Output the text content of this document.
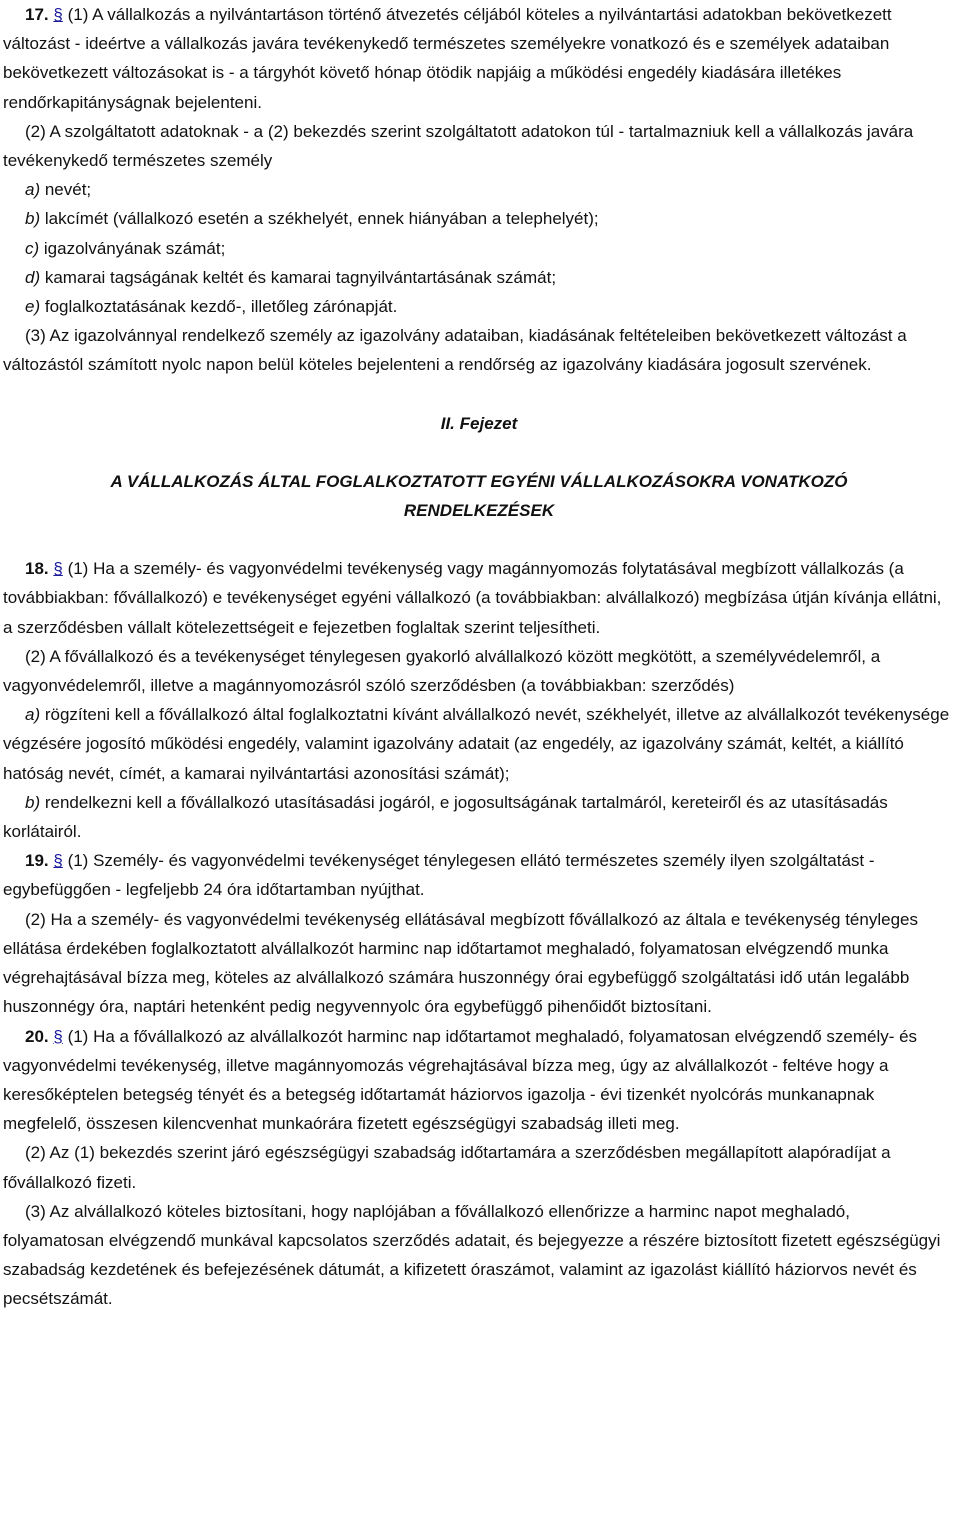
17. § (1) A vállalkozás a nyilvántartáson történő átvezetés céljából köteles a nyilvántartási adatokban bekövetkezett változást - ideértve a vállalkozás javára tevékenykedő természetes személyekre vonatkozó és e személyek adataiban bekövetkezett változásokat is - a tárgyhót követő hónap ötödik napjáig a működési engedély kiadására illetékes rendőrkapitányságnak bejelenteni.

(2) A szolgáltatott adatoknak - a (2) bekezdés szerint szolgáltatott adatokon túl - tartalmazniuk kell a vállalkozás javára tevékenykedő természetes személy

a) nevét;

b) lakcímét (vállalkozó esetén a székhelyét, ennek hiányában a telephelyét);

c) igazolványának számát;

d) kamarai tagságának keltét és kamarai tagnyilvántartásának számát;

e) foglalkoztatásának kezdő-, illetőleg zárónapját.

(3) Az igazolvánnyal rendelkező személy az igazolvány adataiban, kiadásának feltételeiben bekövetkezett változást a változástól számított nyolc napon belül köteles bejelenteni a rendőrség az igazolvány kiadására jogosult szervének.

II. Fejezet

A VÁLLALKOZÁS ÁLTAL FOGLALKOZTATOTT EGYÉNI VÁLLALKOZÁSOKRA VONATKOZÓ RENDELKEZÉSEK

18. § (1) Ha a személy- és vagyonvédelmi tevékenység vagy magánnyomozás folytatásával megbízott vállalkozás (a továbbiakban: fővállalkozó) e tevékenységet egyéni vállalkozó (a továbbiakban: alvállalkozó) megbízása útján kívánja ellátni, a szerződésben vállalt kötelezettségeit e fejezetben foglaltak szerint teljesítheti.

(2) A fővállalkozó és a tevékenységet ténylegesen gyakorló alvállalkozó között megkötött, a személyvédelemről, a vagyonvédelemről, illetve a magánnyomozásról szóló szerződésben (a továbbiakban: szerződés)

a) rögzíteni kell a fővállalkozó által foglalkoztatni kívánt alvállalkozó nevét, székhelyét, illetve az alvállalkozót tevékenysége végzésére jogosító működési engedély, valamint igazolvány adatait (az engedély, az igazolvány számát, keltét, a kiállító hatóság nevét, címét, a kamarai nyilvántartási azonosítási számát);

b) rendelkezni kell a fővállalkozó utasításadási jogáról, e jogosultságának tartalmáról, kereteiről és az utasításadás korlátairól.

19. § (1) Személy- és vagyonvédelmi tevékenységet ténylegesen ellátó természetes személy ilyen szolgáltatást - egybefüggően - legfeljebb 24 óra időtartamban nyújthat.

(2) Ha a személy- és vagyonvédelmi tevékenység ellátásával megbízott fővállalkozó az általa e tevékenység tényleges ellátása érdekében foglalkoztatott alvállalkozót harminc nap időtartamot meghaladó, folyamatosan elvégzendő munka végrehajtásával bízza meg, köteles az alvállalkozó számára huszonnégy órai egybefüggő szolgáltatási idő után legalább huszonnégy óra, naptári hetenként pedig negyvennyolc óra egybefüggő pihenőidőt biztosítani.

20. § (1) Ha a fővállalkozó az alvállalkozót harminc nap időtartamot meghaladó, folyamatosan elvégzendő személy- és vagyonvédelmi tevékenység, illetve magánnyomozás végrehajtásával bízza meg, úgy az alvállalkozót - feltéve hogy a keresőképtelen betegség tényét és a betegség időtartamát háziorvos igazolja - évi tizenkét nyolcórás munkanapnak megfelelő, összesen kilencvenhat munkaórára fizetett egészségügyi szabadság illeti meg.

(2) Az (1) bekezdés szerint járó egészségügyi szabadság időtartamára a szerződésben megállapított alapóradíjat a fővállalkozó fizeti.

(3) Az alvállalkozó köteles biztosítani, hogy naplójában a fővállalkozó ellenőrizze a harminc napot meghaladó, folyamatosan elvégzendő munkával kapcsolatos szerződés adatait, és bejegyezze a részére biztosított fizetett egészségügyi szabadság kezdetének és befejezésének dátumát, a kifizetett óraszámot, valamint az igazolást kiállító háziorvos nevét és pecsétszámát.
